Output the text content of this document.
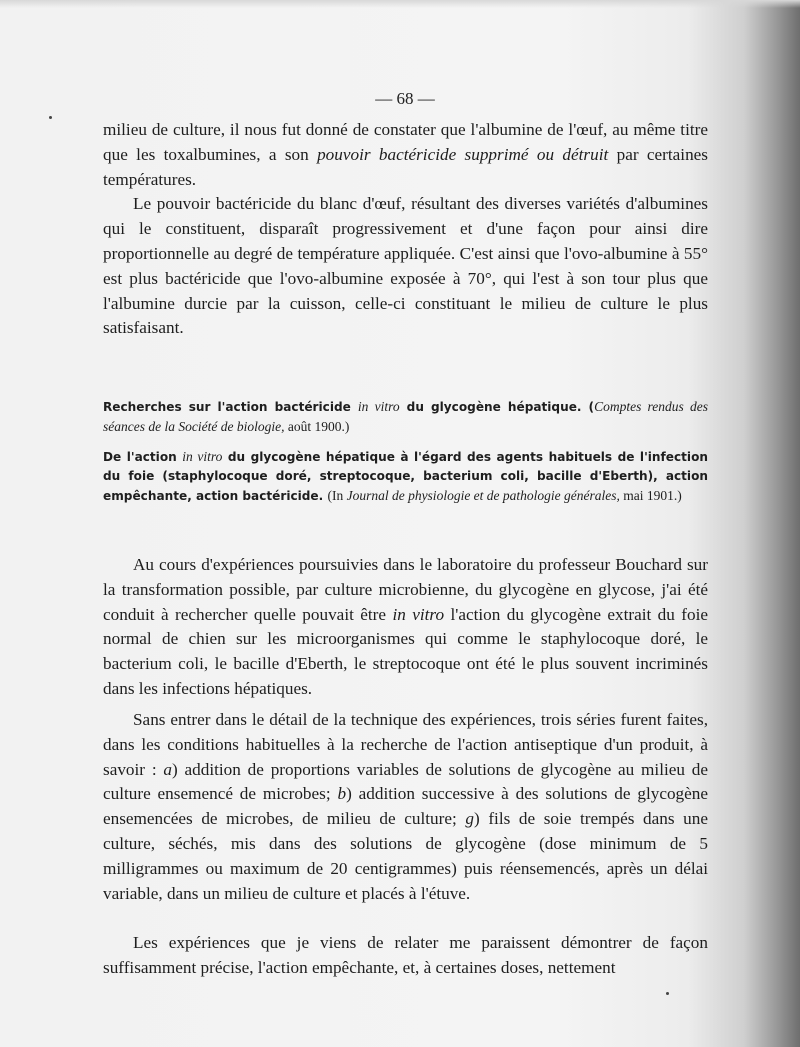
— 68 —

milieu de culture, il nous fut donné de constater que l'albumine de l'œuf, au même titre que les toxalbumines, a son pouvoir bactéricide supprimé ou détruit par certaines températures.

Le pouvoir bactéricide du blanc d'œuf, résultant des diverses variétés d'albumines qui le constituent, disparaît progressivement et d'une façon pour ainsi dire proportionnelle au degré de température appliquée. C'est ainsi que l'ovo-albumine à 55° est plus bactéricide que l'ovo-albumine exposée à 70°, qui l'est à son tour plus que l'albumine durcie par la cuisson, celle-ci constituant le milieu de culture le plus satisfaisant.

Recherches sur l'action bactéricide in vitro du glycogène hépatique. (Comptes rendus des séances de la Société de biologie, août 1900.)
De l'action in vitro du glycogène hépatique à l'égard des agents habituels de l'infection du foie (staphylocoque doré, streptocoque, bacterium coli, bacille d'Eberth), action empêchante, action bactéricide. (In Journal de physiologie et de pathologie générales, mai 1901.)

Au cours d'expériences poursuivies dans le laboratoire du professeur Bouchard sur la transformation possible, par culture microbienne, du glycogène en glycose, j'ai été conduit à rechercher quelle pouvait être in vitro l'action du glycogène extrait du foie normal de chien sur les microorganismes qui comme le staphylocoque doré, le bacterium coli, le bacille d'Eberth, le streptocoque ont été le plus souvent incriminés dans les infections hépatiques.

Sans entrer dans le détail de la technique des expériences, trois séries furent faites, dans les conditions habituelles à la recherche de l'action antiseptique d'un produit, à savoir : a) addition de proportions variables de solutions de glycogène au milieu de culture ensemencé de microbes; b) addition successive à des solutions de glycogène ensemencées de microbes, de milieu de culture; g) fils de soie trempés dans une culture, séchés, mis dans des solutions de glycogène (dose minimum de 5 milligrammes ou maximum de 20 centigrammes) puis réensemencés, après un délai variable, dans un milieu de culture et placés à l'étuve.

Les expériences que je viens de relater me paraissent démontrer de façon suffisamment précise, l'action empêchante, et, à certaines doses, nettement
